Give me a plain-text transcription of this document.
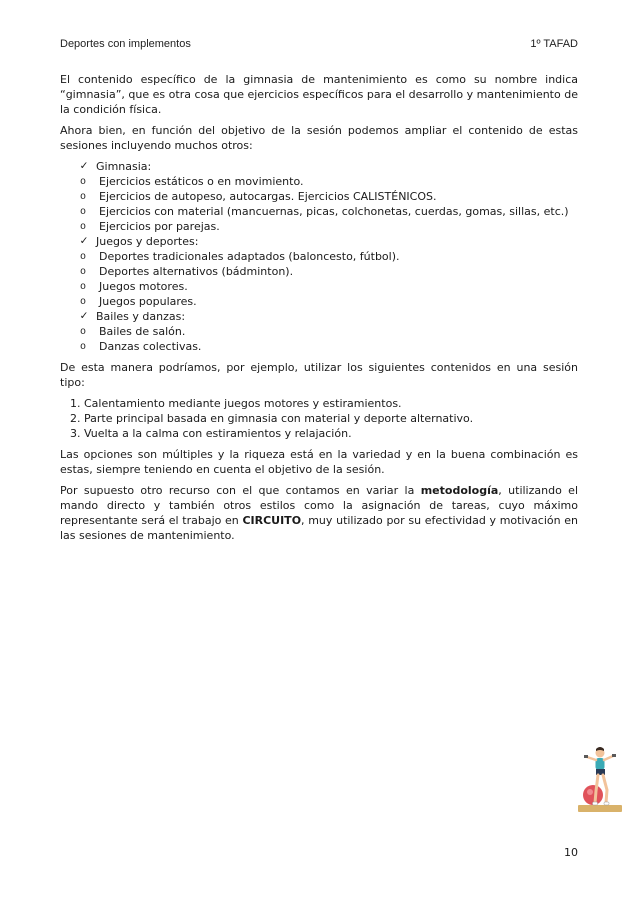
Deportes con implementos	1º TAFAD

El contenido específico de la gimnasia de mantenimiento es como su nombre indica “gimnasia”, que es otra cosa que ejercicios específicos para el desarrollo y mantenimiento de la condición física.

Ahora bien, en función del objetivo de la sesión podemos ampliar el contenido de estas sesiones incluyendo muchos otros:

✓ Gimnasia:
o Ejercicios estáticos o en movimiento.
o Ejercicios de autopeso, autocargas. Ejercicios CALISTÉNICOS.
o Ejercicios con material (mancuernas, picas, colchonetas, cuerdas, gomas, sillas, etc.)
o Ejercicios por parejas.
✓ Juegos y deportes:
o Deportes tradicionales adaptados (baloncesto, fútbol).
o Deportes alternativos (bádminton).
o Juegos motores.
o Juegos populares.
✓ Bailes y danzas:
o Bailes de salón.
o Danzas colectivas.

De esta manera podríamos, por ejemplo, utilizar los siguientes contenidos en una sesión tipo:

1. Calentamiento mediante juegos motores y estiramientos.
2. Parte principal basada en gimnasia con material y deporte alternativo.
3. Vuelta a la calma con estiramientos y relajación.

Las opciones son múltiples y la riqueza está en la variedad y en la buena combinación es estas, siempre teniendo en cuenta el objetivo de la sesión.

Por supuesto otro recurso con el que contamos en variar la metodología, utilizando el mando directo y también otros estilos como la asignación de tareas, cuyo máximo representante será el trabajo en CIRCUITO, muy utilizado por su efectividad y motivación en las sesiones de mantenimiento.

10
